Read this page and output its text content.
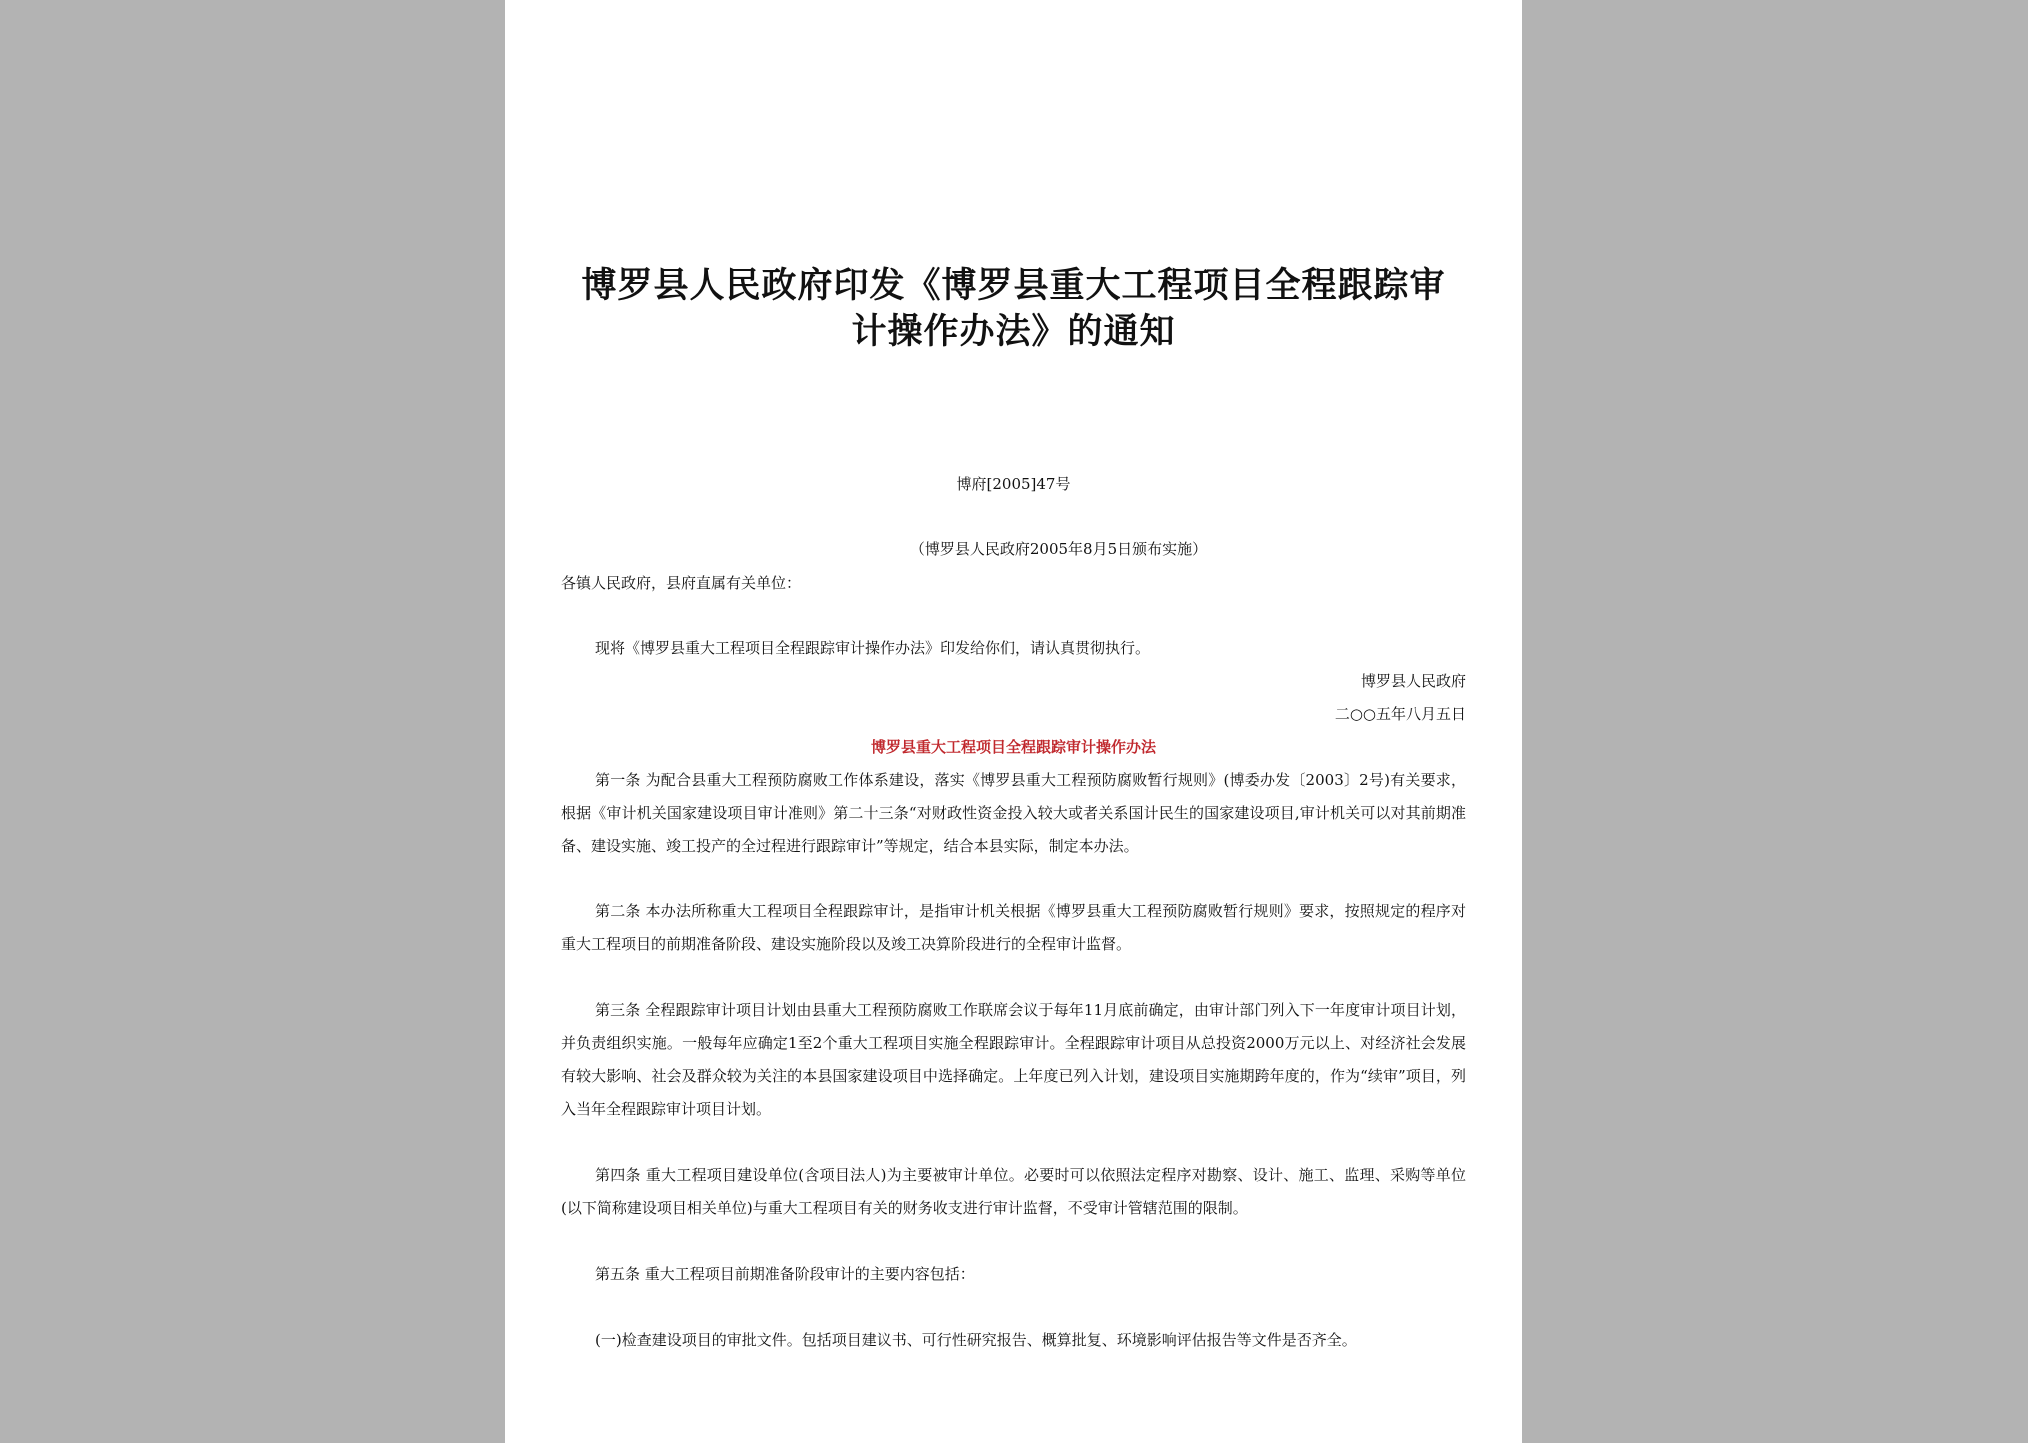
博罗县人民政府印发《博罗县重大工程项目全程跟踪审
计操作办法》的通知
博府[2005]47号
（博罗县人民政府2005年8月5日颁布实施）
各镇人民政府，县府直属有关单位：
现将《博罗县重大工程项目全程跟踪审计操作办法》印发给你们，请认真贯彻执行。
博罗县人民政府
二○○五年八月五日
博罗县重大工程项目全程跟踪审计操作办法

第一条 为配合县重大工程预防腐败工作体系建设，落实《博罗县重大工程预防腐败暂行规则》(博委办发〔2003〕2号)有关要求，根据《审计机关国家建设项目审计准则》第二十三条“对财政性资金投入较大或者关系国计民生的国家建设项目,审计机关可以对其前期准备、建设实施、竣工投产的全过程进行跟踪审计”等规定，结合本县实际，制定本办法。

第二条 本办法所称重大工程项目全程跟踪审计，是指审计机关根据《博罗县重大工程预防腐败暂行规则》要求，按照规定的程序对重大工程项目的前期准备阶段、建设实施阶段以及竣工决算阶段进行的全程审计监督。

第三条 全程跟踪审计项目计划由县重大工程预防腐败工作联席会议于每年11月底前确定，由审计部门列入下一年度审计项目计划，并负责组织实施。一般每年应确定1至2个重大工程项目实施全程跟踪审计。全程跟踪审计项目从总投资2000万元以上、对经济社会发展有较大影响、社会及群众较为关注的本县国家建设项目中选择确定。上年度已列入计划，建设项目实施期跨年度的，作为“续审”项目，列入当年全程跟踪审计项目计划。

第四条 重大工程项目建设单位(含项目法人)为主要被审计单位。必要时可以依照法定程序对勘察、设计、施工、监理、采购等单位(以下简称建设项目相关单位)与重大工程项目有关的财务收支进行审计监督，不受审计管辖范围的限制。

第五条 重大工程项目前期准备阶段审计的主要内容包括：

(一)检查建设项目的审批文件。包括项目建议书、可行性研究报告、概算批复、环境影响评估报告等文件是否齐全。
